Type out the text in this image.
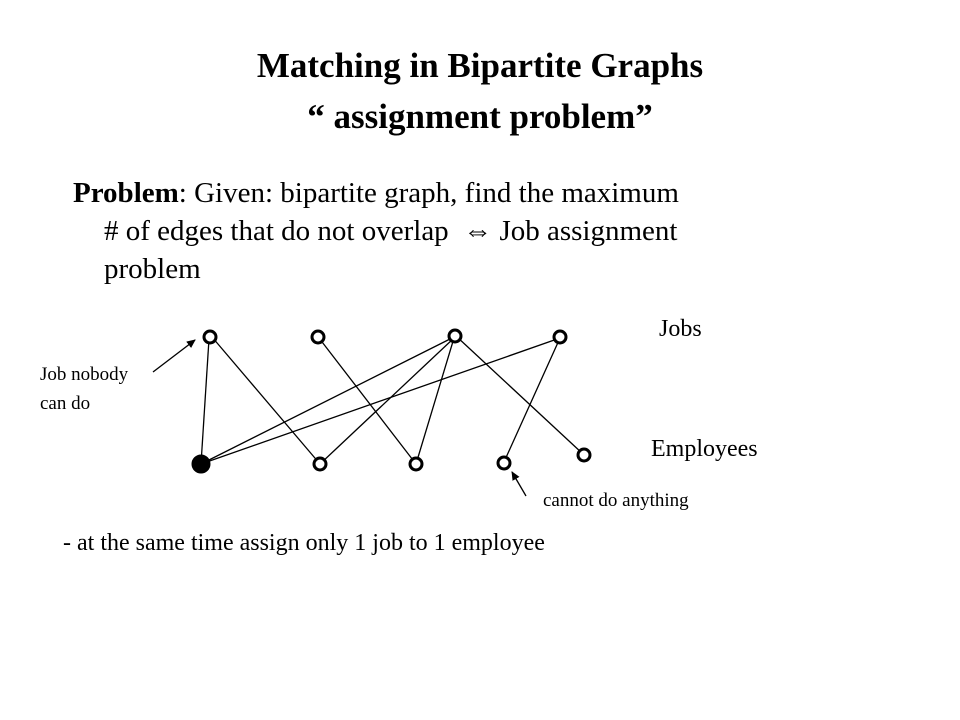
Matching in Bipartite Graphs
“ assignment problem”
Problem: Given: bipartite graph, find the maximum
# of edges that do not overlap ⇔ Job assignment
problem
Jobs
Employees
Job nobody
can do
cannot do anything
- at the same time assign only 1 job to 1 employee
